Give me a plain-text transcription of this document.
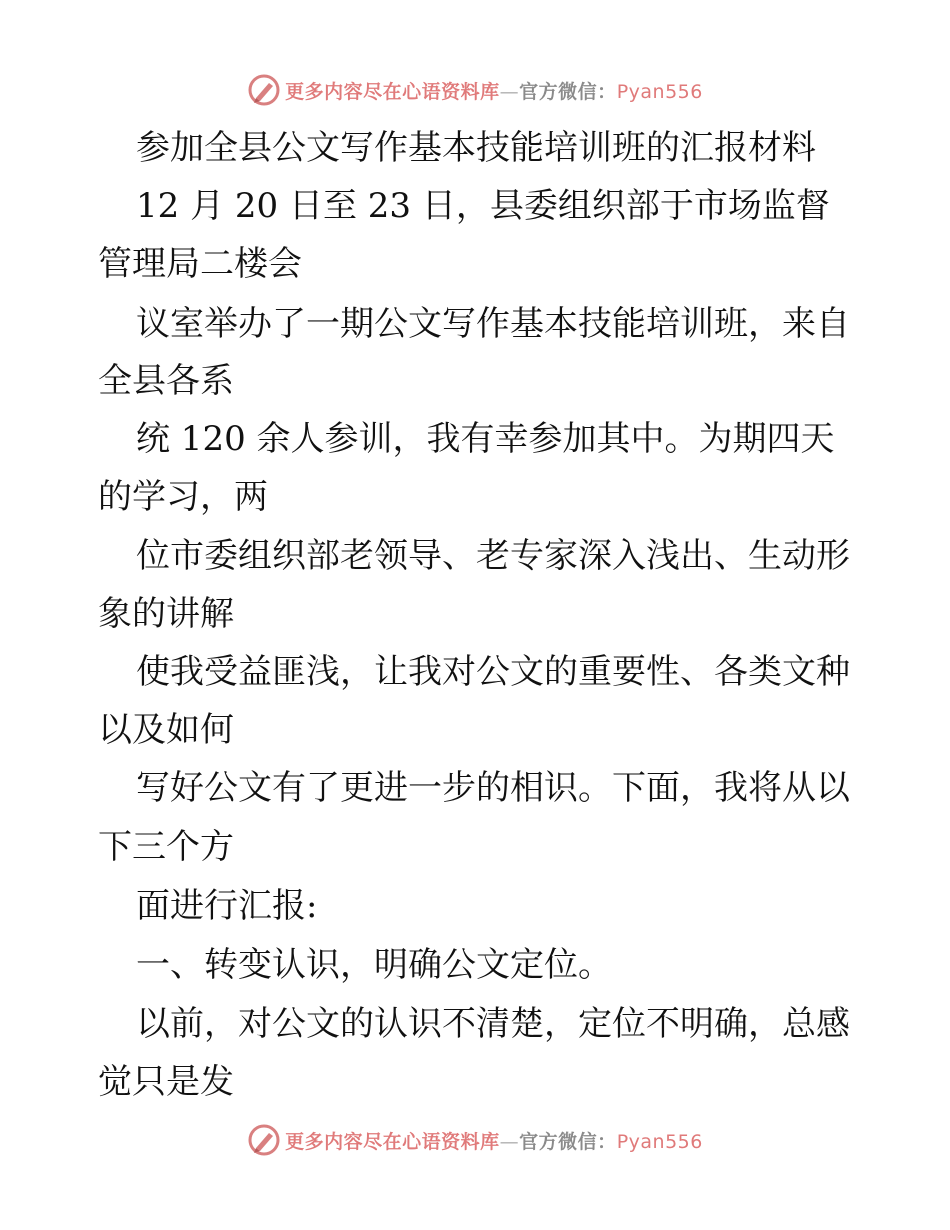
更多内容尽在心语资料库—官方微信：Pyan556
参加全县公文写作基本技能培训班的汇报材料
12 月 20 日至 23 日，县委组织部于市场监督
管理局二楼会
议室举办了一期公文写作基本技能培训班，来自
全县各系
统 120 余人参训，我有幸参加其中。为期四天
的学习，两
位市委组织部老领导、老专家深入浅出、生动形
象的讲解
使我受益匪浅，让我对公文的重要性、各类文种
以及如何
写好公文有了更进一步的相识。下面，我将从以
下三个方
面进行汇报:
一、转变认识，明确公文定位。
以前，对公文的认识不清楚，定位不明确，总感
觉只是发
更多内容尽在心语资料库—官方微信：Pyan556
